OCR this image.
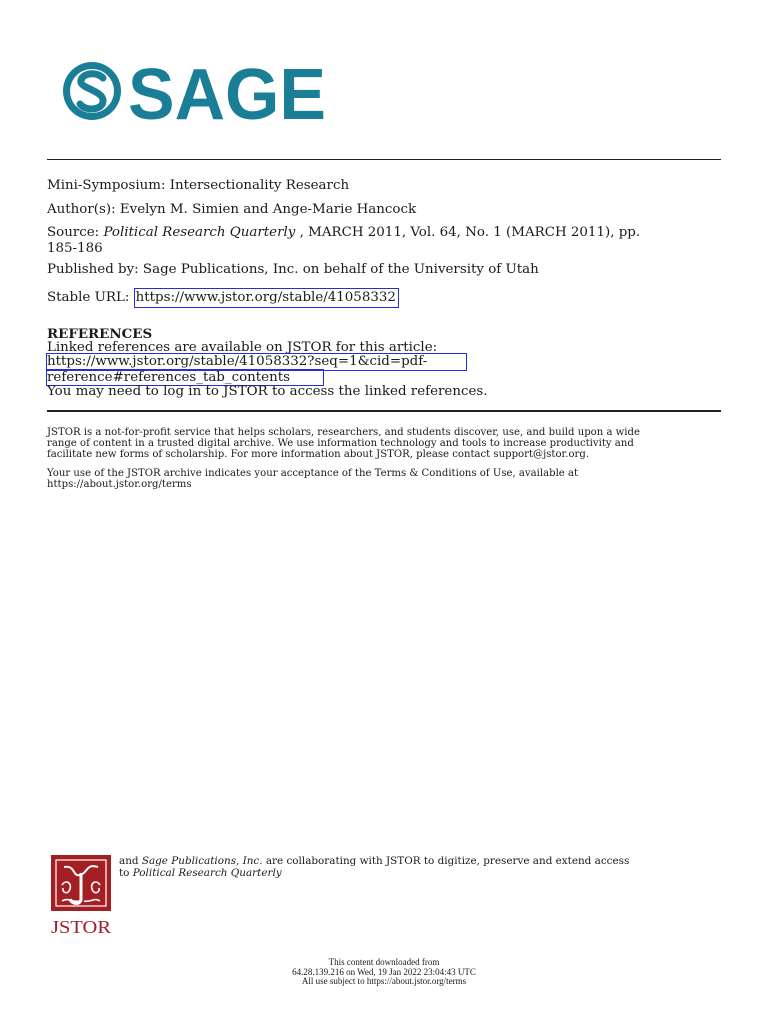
SAGE
Mini-Symposium: Intersectionality Research
Author(s): Evelyn M. Simien and Ange-Marie Hancock
Source: Political Research Quarterly , MARCH 2011, Vol. 64, No. 1 (MARCH 2011), pp.
185-186
Published by: Sage Publications, Inc. on behalf of the University of Utah
Stable URL: https://www.jstor.org/stable/41058332
REFERENCES
Linked references are available on JSTOR for this article:
https://www.jstor.org/stable/41058332?seq=1&cid=pdf-
reference#references_tab_contents
You may need to log in to JSTOR to access the linked references.
JSTOR is a not-for-profit service that helps scholars, researchers, and students discover, use, and build upon a wide
range of content in a trusted digital archive. We use information technology and tools to increase productivity and
facilitate new forms of scholarship. For more information about JSTOR, please contact support@jstor.org.
Your use of the JSTOR archive indicates your acceptance of the Terms & Conditions of Use, available at
https://about.jstor.org/terms
JSTOR
and Sage Publications, Inc. are collaborating with JSTOR to digitize, preserve and extend access
to Political Research Quarterly
This content downloaded from
64.28.139.216 on Wed, 19 Jan 2022 23:04:43 UTC
All use subject to https://about.jstor.org/terms
